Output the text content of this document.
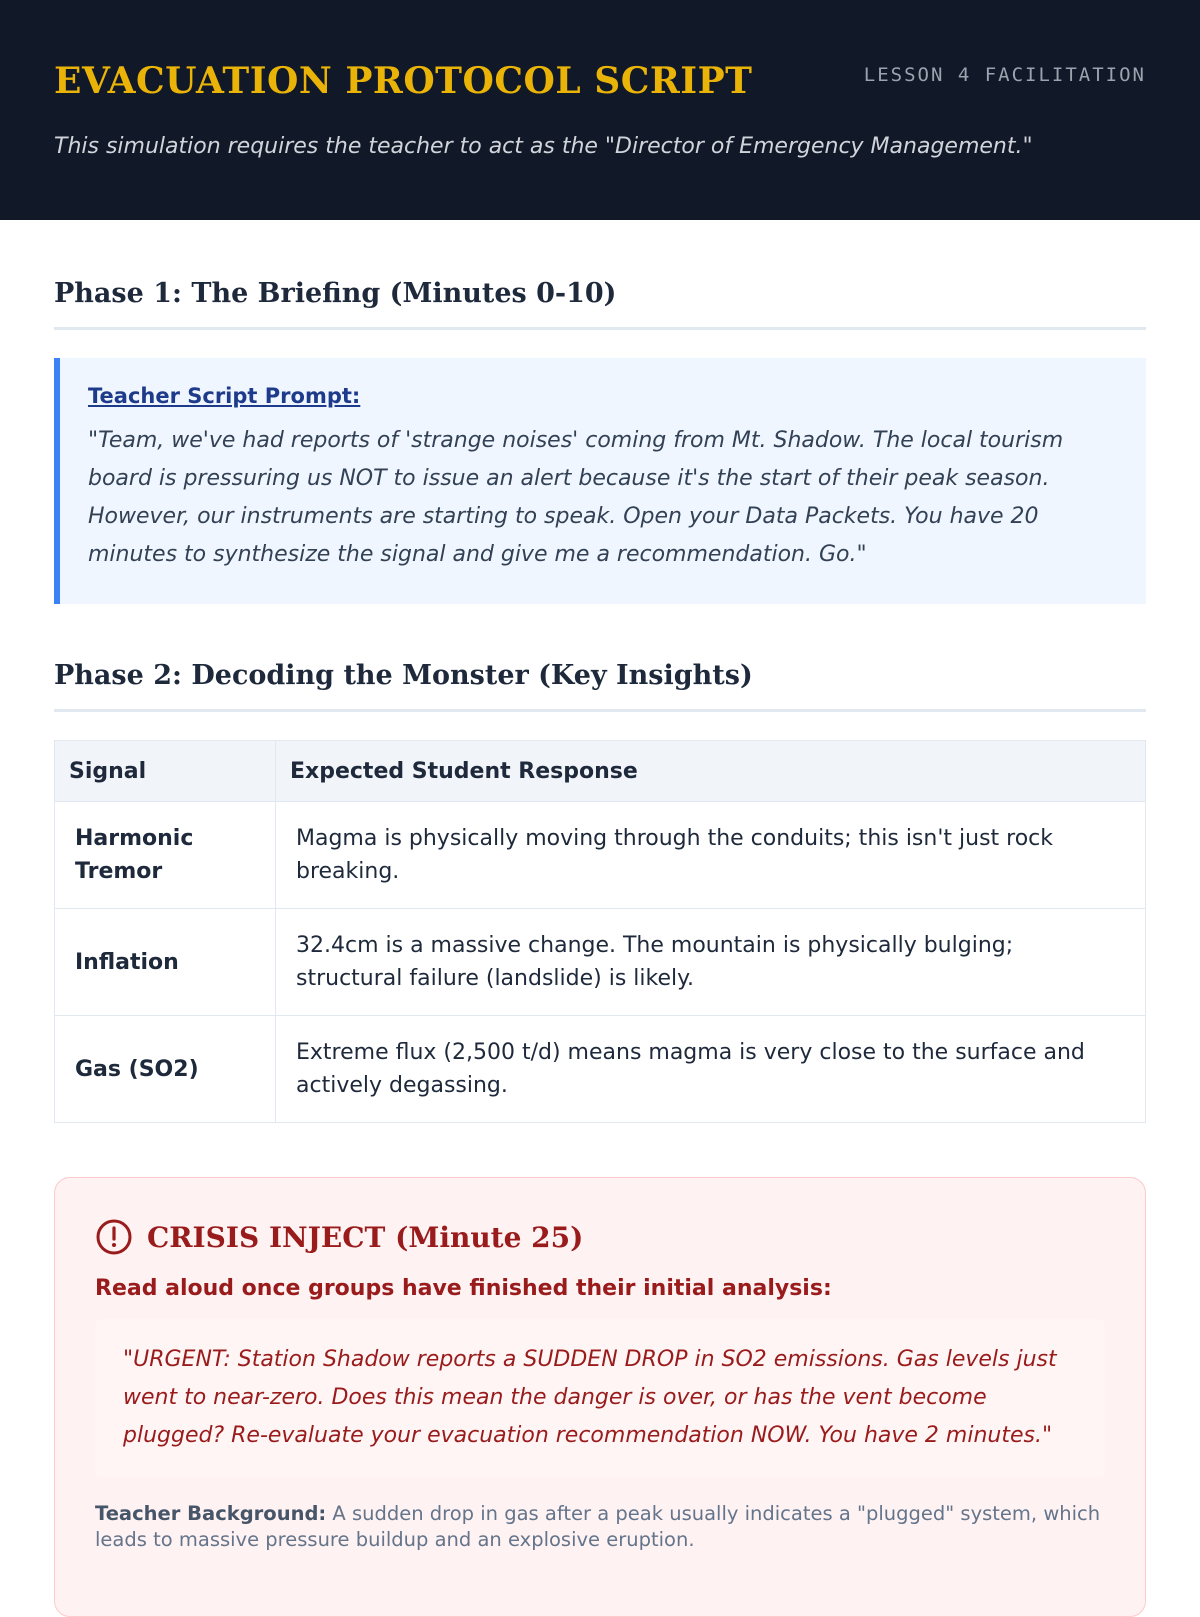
EVACUATION PROTOCOL SCRIPT	LESSON 4 FACILITATION
This simulation requires the teacher to act as the "Director of Emergency Management."
Phase 1: The Briefing (Minutes 0-10)
Teacher Script Prompt:
"Team, we've had reports of 'strange noises' coming from Mt. Shadow. The local tourism board is pressuring us NOT to issue an alert because it's the start of their peak season. However, our instruments are starting to speak. Open your Data Packets. You have 20 minutes to synthesize the signal and give me a recommendation. Go."
Phase 2: Decoding the Monster (Key Insights)
Signal	Expected Student Response
Harmonic Tremor	Magma is physically moving through the conduits; this isn't just rock breaking.
Inflation	32.4cm is a massive change. The mountain is physically bulging; structural failure (landslide) is likely.
Gas (SO2)	Extreme flux (2,500 t/d) means magma is very close to the surface and actively degassing.
CRISIS INJECT (Minute 25)
Read aloud once groups have finished their initial analysis:
"URGENT: Station Shadow reports a SUDDEN DROP in SO2 emissions. Gas levels just went to near-zero. Does this mean the danger is over, or has the vent become plugged? Re-evaluate your evacuation recommendation NOW. You have 2 minutes."
Teacher Background: A sudden drop in gas after a peak usually indicates a "plugged" system, which leads to massive pressure buildup and an explosive eruption.
